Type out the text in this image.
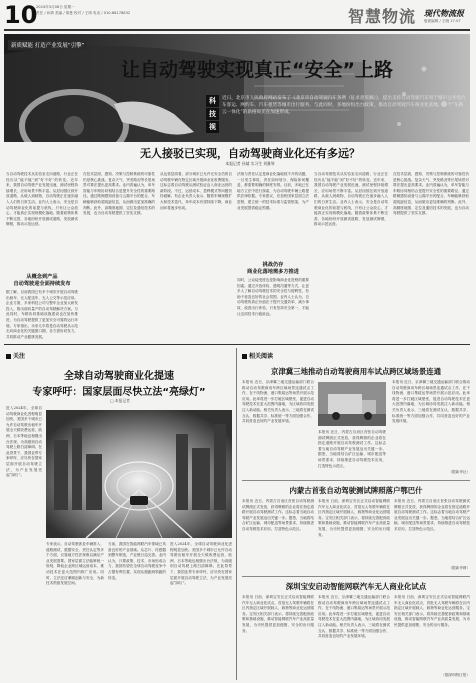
10
2024年3月08日 星期一
责任 / 孙婧 美编 / 胡曼 校对 / 王琪 电话 / 010-88178832	智慧物流 现代物流报
版面编辑 / 王晓 17-07
新质赋能 打造产业发展“引擎”
让自动驾驶实现真正“安全”上路
科
技
视
近日，北京市人民政府网站发布了《北京市自动驾驶汽车条例（征求意见稿）》，提出支持自动驾驶汽车用于城市公共电汽车客运、网约车、汽车租赁等城市出行服务。与此同时，多地纷纷出台政策，推动自动驾驶汽车商业化落地，一个“车路云一体化”的新格局正在加速形成。
无人接驳已实现，自动驾驶商业化还有多远？
本报记者 孙婧 实习生 刘雅琴
当自动驾驶技术从实验室走向道路，行业正在经历从“能不能”到“好不好”的转变。近年来，我国自动驾驶产业发展迅速，测试里程持续增长，应用场景不断丰富。从封闭园区到开放道路，从载人到载物，自动驾驶正在逐步融入人们的日常生活。业内人士表示，安全是自动驾驶商业化的前提与底线，只有让公众放心，才能真正实现规模化落地。随着政策体系不断完善，各地纷纷开放测试道路，发放测试牌照，推动示范运营。
从概念到产品
自动驾驶迎全面持续发布
据了解，目前我国已有多个城市开展自动驾驶出租车、无人配送车、无人公交等示范应用。企业方面，多家科技公司与整车企业加大研发投入，推出面向量产的自动驾驶解决方案。与此同时，车路协同基础设施建设也在加快推进，为自动驾驶提供了更加安全可靠的运行环境。专家指出，未来几年将是自动驾驶从示范走向商业化的关键窗口期，各方需协同发力，共同推动产业健康发展。
在技术层面，感知、决策与控制系统的可靠性仍是核心挑战。复杂天气、突发路况等长尾场景对算法提出更高要求。业内普遍认为，单车智能与车路协同相结合是提升安全性的重要路径。通过路侧感知设备与云端平台的配合，车辆能够获取超视距信息，从而做出更加准确的判断。此外，高精度地图、定位及通信技术的发展，也为自动驾驶提供了坚实支撑。
从运营层面看，部分城市已允许无安全员的自动驾驶车辆在特定区域开展商业化收费服务。这标志着自动驾驶从测试验证迈入商业运营的新阶段。不过，运营成本、盈利模式等问题仍待破解。有企业负责人表示，随着车辆规模扩大和技术迭代，单车成本有望持续下降，商业闭环将逐步形成。
法规与责任认定是商业化落地绕不开的话题。一旦发生事故，责任如何划分、保险如何覆盖，都需要明确的制度安排。目前，多地已在地方立法中进行探索，为自动驾驶车辆上路提供法律依据。专家建议，应加快国家层面立法进程，建立统一的技术标准与监管框架，为产业发展提供稳定预期。
挑战仍存
商业化落地需多方推进
同时，公众接受度也是影响商业化进程的重要因素。通过开放体验、透明沟通等方式，让更多人了解自动驾驶技术的安全性与便利性，有助于营造良好的社会氛围。业内人士认为，自动驾驶的真正价值在于提升交通效率、减少事故、改善出行体验，只有坚持安全第一，才能让这项技术行稳致远。
当自动驾驶技术从实验室走向道路，行业正在经历从“能不能”到“好不好”的转变。近年来，我国自动驾驶产业发展迅速，测试里程持续增长，应用场景不断丰富。从封闭园区到开放道路，从载人到载物，自动驾驶正在逐步融入人们的日常生活。业内人士表示，安全是自动驾驶商业化的前提与底线，只有让公众放心，才能真正实现规模化落地。随着政策体系不断完善，各地纷纷开放测试道路，发放测试牌照，推动示范运营。
在技术层面，感知、决策与控制系统的可靠性仍是核心挑战。复杂天气、突发路况等长尾场景对算法提出更高要求。业内普遍认为，单车智能与车路协同相结合是提升安全性的重要路径。通过路侧感知设备与云端平台的配合，车辆能够获取超视距信息，从而做出更加准确的判断。此外，高精度地图、定位及通信技术的发展，也为自动驾驶提供了坚实支撑。
关注
全球自动驾驶商业化提速
专家呼吁：国家层面尽快立法“亮绿灯”
□ 本报记者
进入2024年，全球自动驾驶商业化进程明显加快。美国多个城市已允许自动驾驶出租车开展全天候收费运营，欧洲、日本等地也相继出台法规，为高级别自动驾驶上路扫清障碍。在此背景下，我国业界专家呼吁，应尽快在国家层面开展自动驾驶立法，为产业发展亮起“绿灯”。
专家表示，自动驾驶涉及车辆准入、道路测试、数据安全、责任认定等多个方面，仅靠地方性法规难以满足产业发展需要。国家层面立法能够统一规则，降低企业跨区域运营成本，推动技术在更大范围内推广应用。同时，立法还应兼顾创新与安全，为新技术预留发展空间。
当前，我国在智能网联汽车领域已具备良好的产业基础。从芯片、传感器到整车制造，产业链日趋完善。业内认为，只要政策、技术、市场形成合力，我国有望在全球自动驾驶竞争中占据有利位置，实现从跟跑到领跑的转变。
进入2024年，全球自动驾驶商业化进程明显加快。美国多个城市已允许自动驾驶出租车开展全天候收费运营，欧洲、日本等地也相继出台法规，为高级别自动驾驶上路扫清障碍。在此背景下，我国业界专家呼吁，应尽快在国家层面开展自动驾驶立法，为产业发展亮起“绿灯”。
相关阅读
京津冀三地推动自动驾驶商用车试点跨区域场景连通
本报讯 近日，京津冀三地交通运输部门联合推动自动驾驶商用车跨区域场景连通试点工作，在干线物流、港口集疏运等场景开展示范应用。此举将进一步打破区域壁垒，促进自动驾驶技术在更大范围内落地，为区域协同发展注入新动能。相关负责人表示，三地将在测试互认、数据共享、标准统一等方面加强合作，共同营造良好的产业发展环境。
本报讯 近日，内蒙古自治区首张自动驾驶测试牌照正式发放，获得牌照的企业将在指定道路开展自动驾驶测试工作。这标志着当地自动驾驶产业发展迈出关键一步。据悉，当地将结合矿区运输、城市配送等场景需求，持续推进自动驾驶技术应用，打造特色示范区。
本报讯 近日，京津冀三地交通运输部门联合推动自动驾驶商用车跨区域场景连通试点工作，在干线物流、港口集疏运等场景开展示范应用。此举将进一步打破区域壁垒，促进自动驾驶技术在更大范围内落地，为区域协同发展注入新动能。相关负责人表示，三地将在测试互认、数据共享、标准统一等方面加强合作，共同营造良好的产业发展环境。
（据新华社）
内蒙古首张自动驾驶测试牌照落户鄂巴什
本报讯 近日，内蒙古自治区首张自动驾驶测试牌照正式发放，获得牌照的企业将在指定道路开展自动驾驶测试工作。这标志着当地自动驾驶产业发展迈出关键一步。据悉，当地将结合矿区运输、城市配送等场景需求，持续推进自动驾驶技术应用，打造特色示范区。
本报讯 日前，深圳宝安区正式启动智能网联汽车无人商业化试点，首批无人驾驶车辆将在区内指定区域开展载人、载物等商业化运营服务。宝安区相关部门表示，将持续完善配套政策和基础设施，推动智能网联汽车产业高质量发展，为市民提供更加便捷、安全的出行服务。
本报讯 近日，内蒙古自治区首张自动驾驶测试牌照正式发放，获得牌照的企业将在指定道路开展自动驾驶测试工作。这标志着当地自动驾驶产业发展迈出关键一步。据悉，当地将结合矿区运输、城市配送等场景需求，持续推进自动驾驶技术应用，打造特色示范区。
（据新华网）
深圳宝安启动智能网联汽车无人商业化试点
本报讯 日前，深圳宝安区正式启动智能网联汽车无人商业化试点，首批无人驾驶车辆将在区内指定区域开展载人、载物等商业化运营服务。宝安区相关部门表示，将持续完善配套政策和基础设施，推动智能网联汽车产业高质量发展，为市民提供更加便捷、安全的出行服务。
本报讯 近日，京津冀三地交通运输部门联合推动自动驾驶商用车跨区域场景连通试点工作，在干线物流、港口集疏运等场景开展示范应用。此举将进一步打破区域壁垒，促进自动驾驶技术在更大范围内落地，为区域协同发展注入新动能。相关负责人表示，三地将在测试互认、数据共享、标准统一等方面加强合作，共同营造良好的产业发展环境。
本报讯 日前，深圳宝安区正式启动智能网联汽车无人商业化试点，首批无人驾驶车辆将在区内指定区域开展载人、载物等商业化运营服务。宝安区相关部门表示，将持续完善配套政策和基础设施，推动智能网联汽车产业高质量发展，为市民提供更加便捷、安全的出行服务。
（据深圳特区报）
